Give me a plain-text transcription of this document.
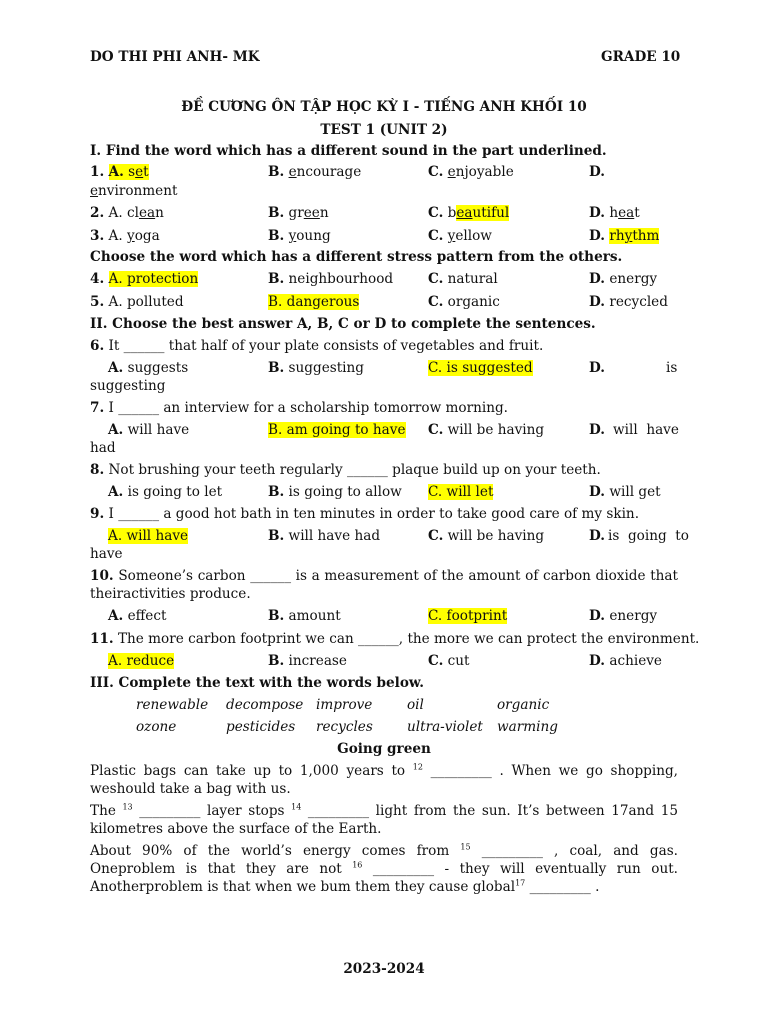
DO THI PHI ANH- MK	GRADE 10
ĐỀ CƯƠNG ÔN TẬP HỌC KỲ I - TIẾNG ANH KHỐI 10
TEST 1 (UNIT 2)
I. Find the word which has a different sound in the part underlined.
1. A. set	B. encourage	C. enjoyable	D.
environment
2. A. clean	B. green	C. beautiful	D. heat
3. A. yoga	B. young	C. yellow	D. rhythm
Choose the word which has a different stress pattern from the others.
4. A. protection	B. neighbourhood	C. natural	D. energy
5. A. polluted	B. dangerous	C. organic	D. recycled
II. Choose the best answer A, B, C or D to complete the sentences.
6. It ______ that half of your plate consists of vegetables and fruit.
A. suggests	B. suggesting	C. is suggested	D.	is
suggesting
7. I ______ an interview for a scholarship tomorrow morning.
A. will have	B. am going to have C. will be having	D. will  have
had
8. Not brushing your teeth regularly ______ plaque build up on your teeth.
A. is going to let	B. is going to allow C. will let	D. will get
9. I ______ a good hot bath in ten minutes in order to take good care of my skin.
A. will have	B. will have had	C. will be having	D. is  going  to
have
10. Someone’s carbon ______ is a measurement of the amount of carbon dioxide that theiractivities produce.
A. effect	B. amount	C. footprint	D. energy
11. The more carbon footprint we can ______, the more we can protect the environment.
A. reduce	B. increase	C. cut	D. achieve
III. Complete the text with the words below.
renewable decompose improve	oil	organic
ozone	pesticides recycles	ultra-violet warming
Going green
Plastic bags can take up to 1,000 years to $^{12}$ _________ . When we go shopping, weshould take a bag with us.
The $^{13}$ _________ layer stops $^{14}$ _________ light from the sun. It’s between 17and 15 kilometres above the surface of the Earth.
About 90% of the world’s energy comes from $^{15}$ _________ , coal, and gas. Oneproblem is that they are not $^{16}$ _________ - they will eventually run out. Anotherproblem is that when we bum them they cause global$^{17}$ _________ .
2023-2024
